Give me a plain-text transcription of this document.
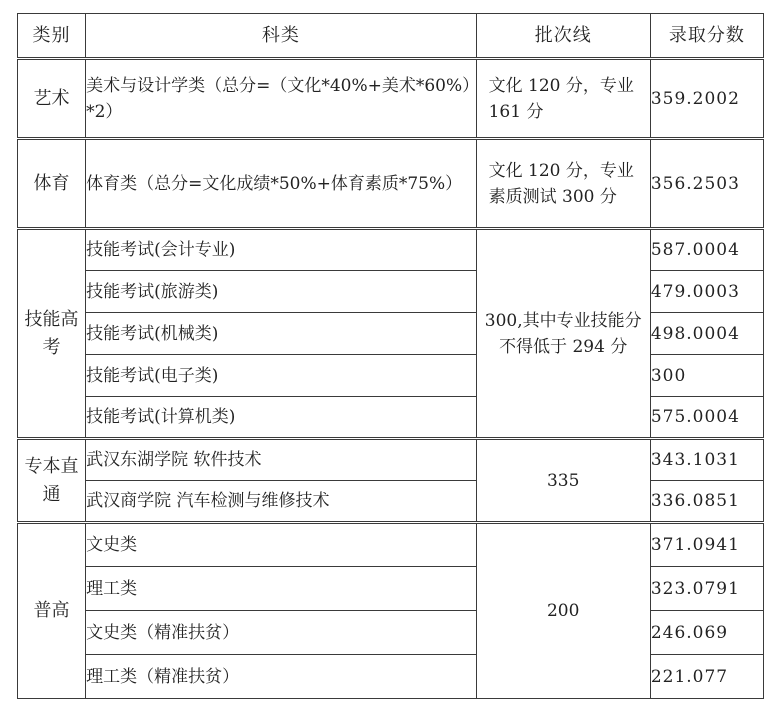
类别	科类	批次线	录取分数
艺术	美术与设计学类（总分=（文化*40%+美术*60%）*2）	文化 120 分，专业 161 分	359.2002
体育	体育类（总分=文化成绩*50%+体育素质*75%）	文化 120 分，专业素质测试 300 分	356.2503
技能高考	技能考试(会计专业)	300,其中专业技能分不得低于 294 分	587.0004
	技能考试(旅游类)		479.0003
	技能考试(机械类)		498.0004
	技能考试(电子类)		300
	技能考试(计算机类)		575.0004
专本直通	武汉东湖学院 软件技术	335	343.1031
	武汉商学院 汽车检测与维修技术		336.0851
普高	文史类	200	371.0941
	理工类		323.0791
	文史类（精准扶贫）		246.069
	理工类（精准扶贫）		221.077
